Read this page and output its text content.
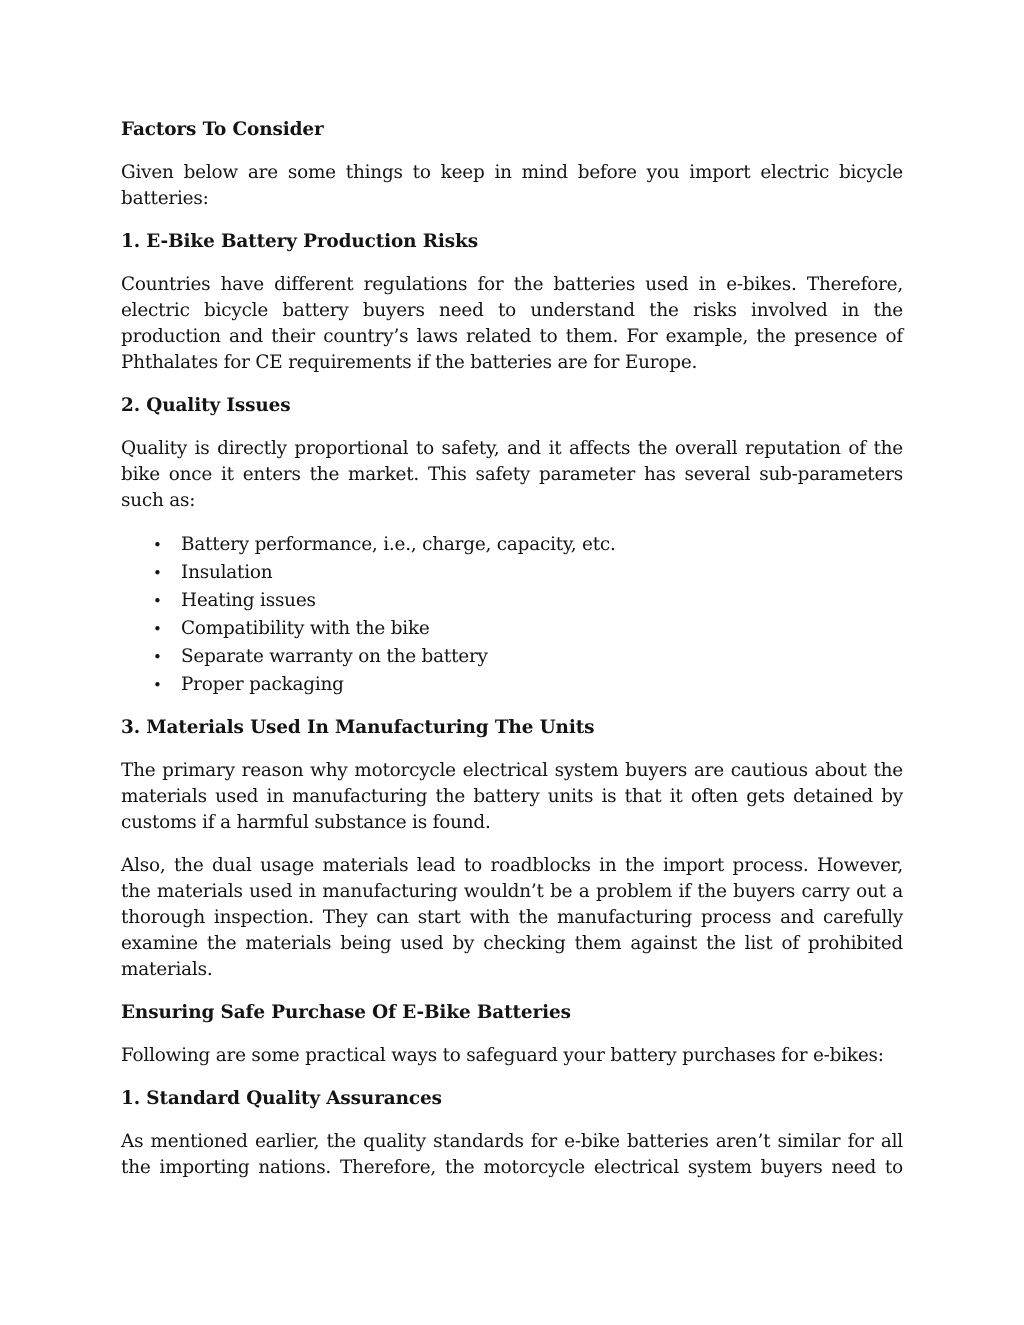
Factors To Consider

Given below are some things to keep in mind before you import electric bicycle batteries:

1. E-Bike Battery Production Risks

Countries have different regulations for the batteries used in e-bikes. Therefore, electric bicycle battery buyers need to understand the risks involved in the production and their country’s laws related to them. For example, the presence of Phthalates for CE requirements if the batteries are for Europe.

2. Quality Issues

Quality is directly proportional to safety, and it affects the overall reputation of the bike once it enters the market. This safety parameter has several sub-parameters such as:

• Battery performance, i.e., charge, capacity, etc.
• Insulation
• Heating issues
• Compatibility with the bike
• Separate warranty on the battery
• Proper packaging
3. Materials Used In Manufacturing The Units

The primary reason why motorcycle electrical system buyers are cautious about the materials used in manufacturing the battery units is that it often gets detained by customs if a harmful substance is found.

Also, the dual usage materials lead to roadblocks in the import process. However, the materials used in manufacturing wouldn’t be a problem if the buyers carry out a thorough inspection. They can start with the manufacturing process and carefully examine the materials being used by checking them against the list of prohibited materials.

Ensuring Safe Purchase Of E-Bike Batteries

Following are some practical ways to safeguard your battery purchases for e-bikes:

1. Standard Quality Assurances

As mentioned earlier, the quality standards for e-bike batteries aren’t similar for all the importing nations. Therefore, the motorcycle electrical system buyers need to
